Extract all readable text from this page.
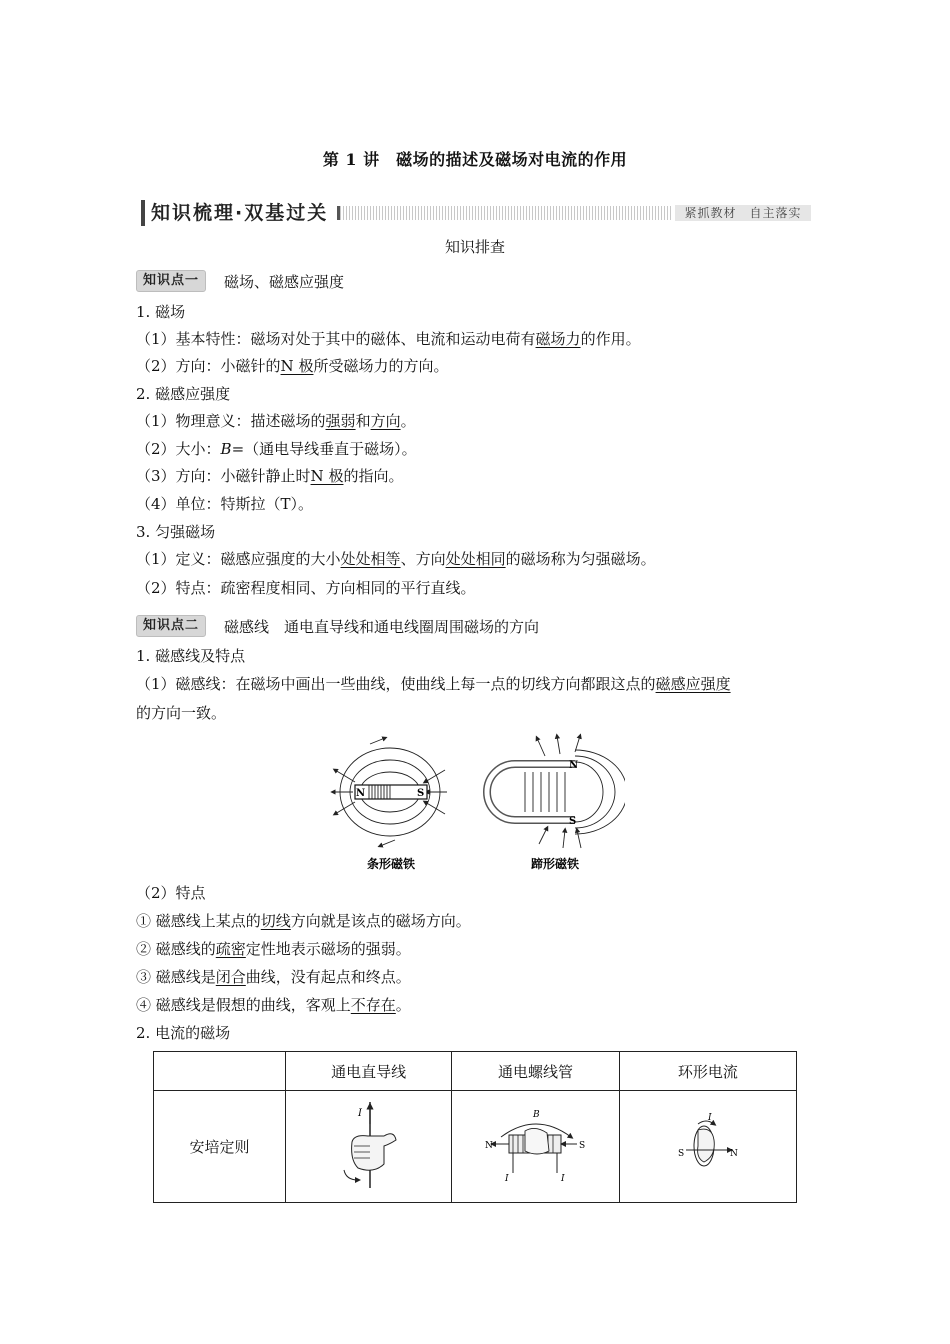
第 1 讲　磁场的描述及磁场对电流的作用
知识梳理·双基过关	紧抓教材　自主落实
知识排查
知识点一 磁场、磁感应强度
1. 磁场
（1）基本特性：磁场对处于其中的磁体、电流和运动电荷有磁场力的作用。
（2）方向：小磁针的N 极所受磁场力的方向。
2. 磁感应强度
（1）物理意义：描述磁场的强弱和方向。
（2）大小：B=（通电导线垂直于磁场）。
（3）方向：小磁针静止时N 极的指向。
（4）单位：特斯拉（T）。
3. 匀强磁场
（1）定义：磁感应强度的大小处处相等、方向处处相同的磁场称为匀强磁场。
（2）特点：疏密程度相同、方向相同的平行直线。
知识点二 磁感线　通电直导线和通电线圈周围磁场的方向
1. 磁感线及特点
（1）磁感线：在磁场中画出一些曲线，使曲线上每一点的切线方向都跟这点的磁感应强度
的方向一致。
N	S
条形磁铁
N
S
蹄形磁铁
（2）特点
① 磁感线上某点的切线方向就是该点的磁场方向。
② 磁感线的疏密定性地表示磁场的强弱。
③ 磁感线是闭合曲线，没有起点和终点。
④ 磁感线是假想的曲线，客观上不存在。
2. 电流的磁场
	通电直导线	通电螺线管	环形电流
安培定则	I	B
N S
I I	I
S N
